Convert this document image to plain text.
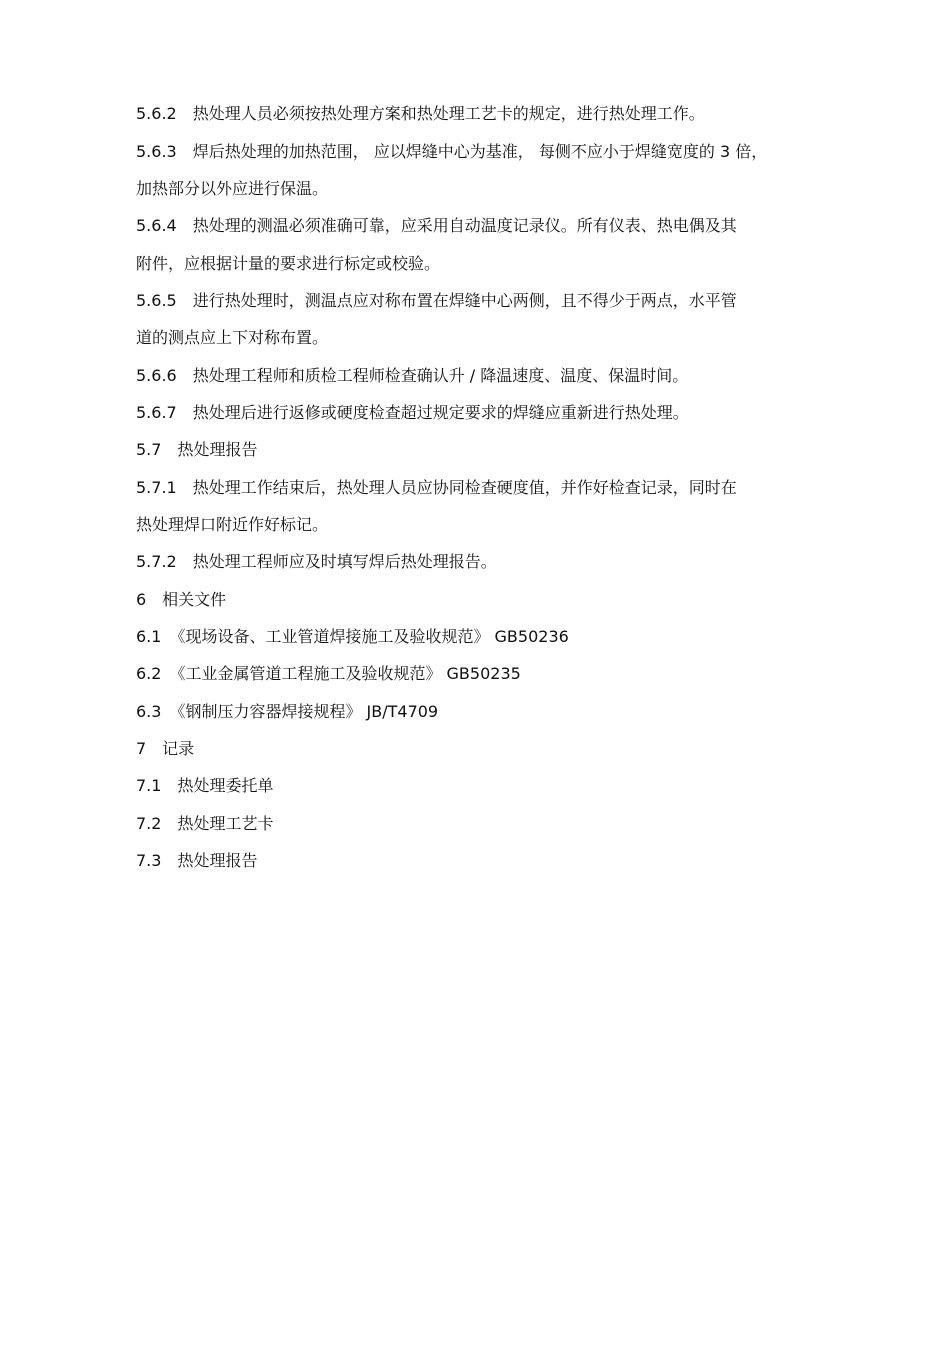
5.6.2　热处理人员必须按热处理方案和热处理工艺卡的规定，进行热处理工作。
5.6.3　焊后热处理的加热范围， 应以焊缝中心为基准， 每侧不应小于焊缝宽度的 3 倍，
加热部分以外应进行保温。
5.6.4　热处理的测温必须准确可靠，应采用自动温度记录仪。所有仪表、热电偶及其
附件，应根据计量的要求进行标定或校验。
5.6.5　进行热处理时，测温点应对称布置在焊缝中心两侧，且不得少于两点，水平管
道的测点应上下对称布置。
5.6.6　热处理工程师和质检工程师检查确认升 / 降温速度、温度、保温时间。
5.6.7　热处理后进行返修或硬度检查超过规定要求的焊缝应重新进行热处理。
5.7　热处理报告
5.7.1　热处理工作结束后，热处理人员应协同检查硬度值，并作好检查记录，同时在
热处理焊口附近作好标记。
5.7.2　热处理工程师应及时填写焊后热处理报告。
6　相关文件
6.1　《现场设备、工业管道焊接施工及验收规范》 GB50236
6.2　《工业金属管道工程施工及验收规范》 GB50235
6.3　《钢制压力容器焊接规程》 JB/T4709
7　记录
7.1　热处理委托单
7.2　热处理工艺卡
7.3　热处理报告
